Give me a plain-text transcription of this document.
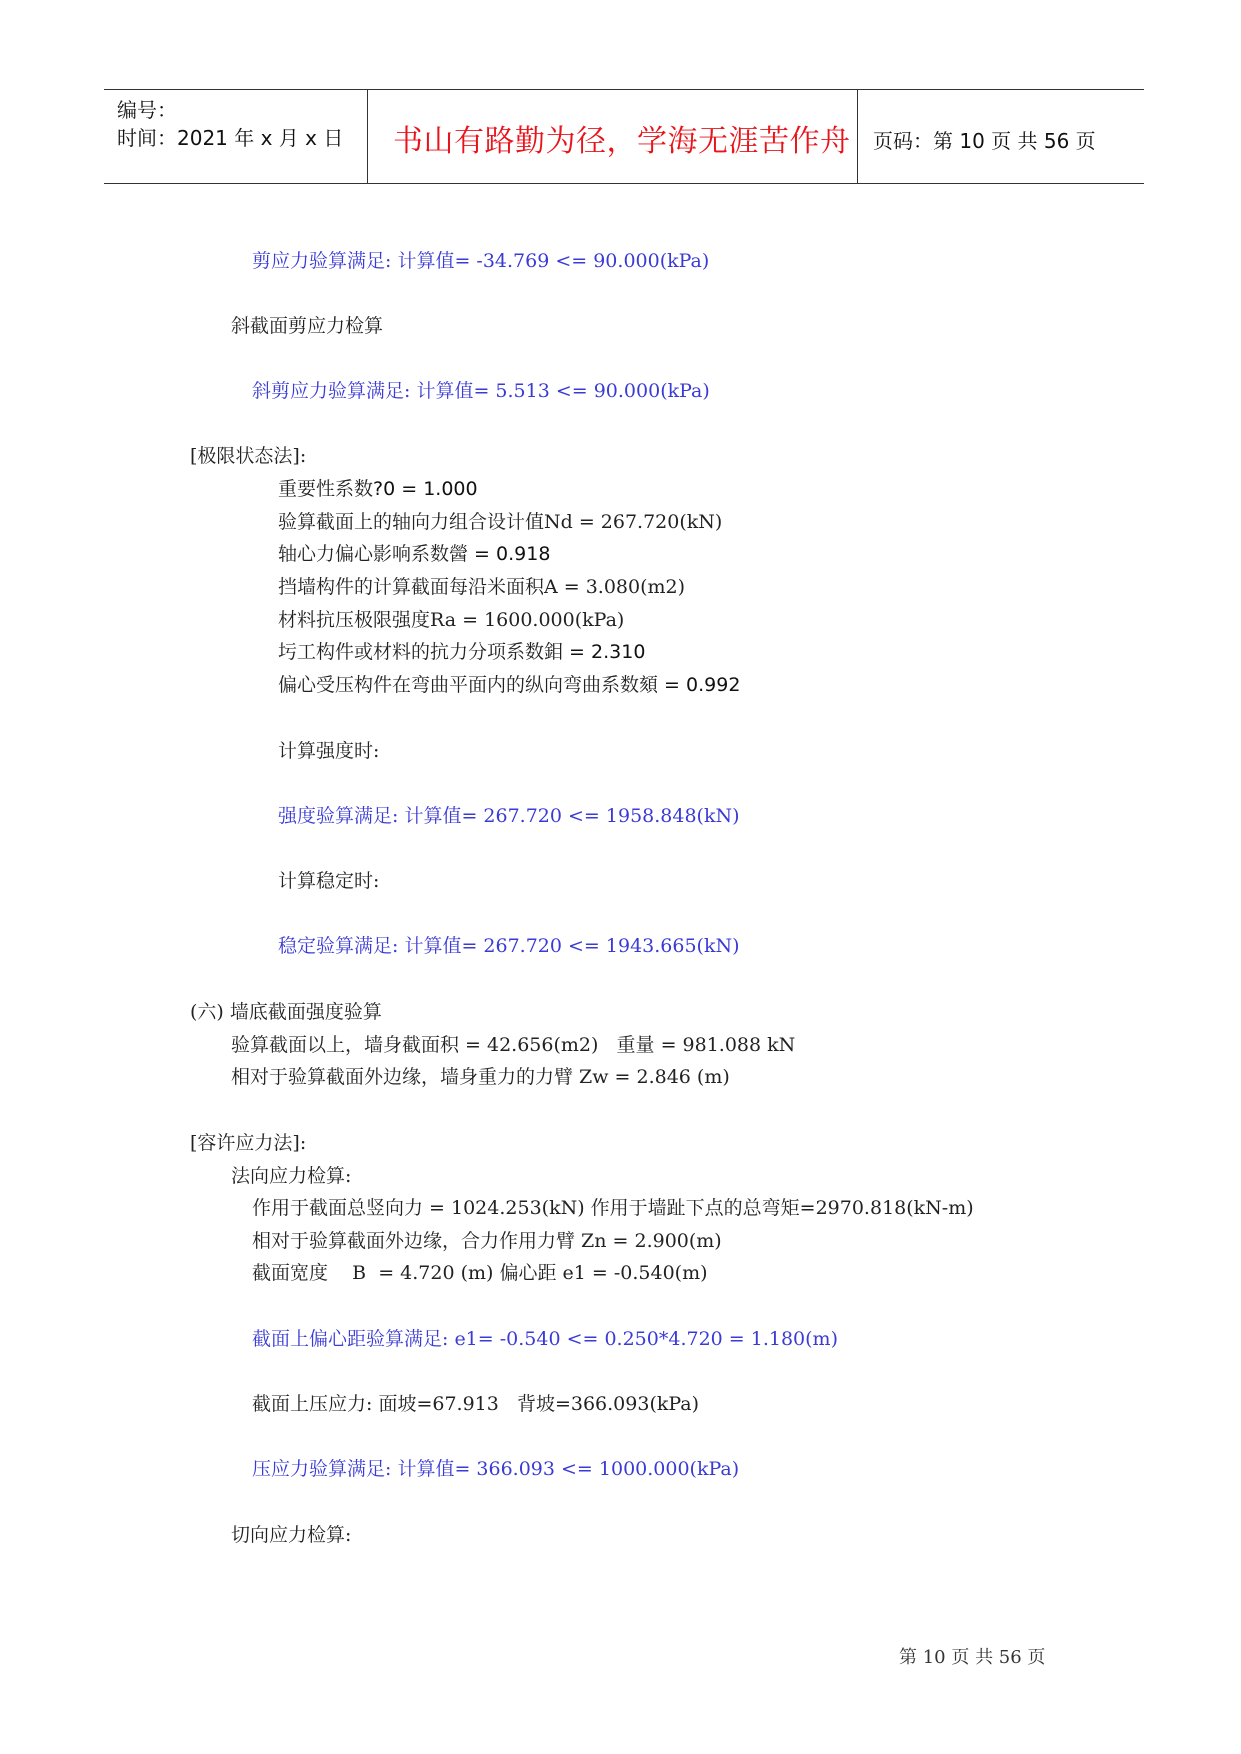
编号：
时间：2021 年 x 月 x 日 书山有路勤为径，学海无涯苦作舟 页码：第 10 页 共 56 页
剪应力验算满足: 计算值= -34.769 <= 90.000(kPa)
斜截面剪应力检算
斜剪应力验算满足: 计算值= 5.513 <= 90.000(kPa)
[极限状态法]:
重要性系数?0 = 1.000
验算截面上的轴向力组合设计值Nd = 267.720(kN)
轴心力偏心影响系数醟 = 0.918
挡墙构件的计算截面每沿米面积A = 3.080(m2)
材料抗压极限强度Ra = 1600.000(kPa)
圬工构件或材料的抗力分项系数鉬 = 2.310
偏心受压构件在弯曲平面内的纵向弯曲系数頦 = 0.992
计算强度时:
强度验算满足: 计算值= 267.720 <= 1958.848(kN)
计算稳定时:
稳定验算满足: 计算值= 267.720 <= 1943.665(kN)
(六) 墙底截面强度验算
验算截面以上，墙身截面积 = 42.656(m2)   重量 = 981.088 kN
相对于验算截面外边缘，墙身重力的力臂 Zw = 2.846 (m)
[容许应力法]:
法向应力检算:
作用于截面总竖向力 = 1024.253(kN) 作用于墙趾下点的总弯矩=2970.818(kN-m)
相对于验算截面外边缘，合力作用力臂 Zn = 2.900(m)
截面宽度    B  = 4.720 (m) 偏心距 e1 = -0.540(m)
截面上偏心距验算满足: e1= -0.540 <= 0.250*4.720 = 1.180(m)
截面上压应力: 面坡=67.913   背坡=366.093(kPa)
压应力验算满足: 计算值= 366.093 <= 1000.000(kPa)
切向应力检算:
第 10 页 共 56 页
